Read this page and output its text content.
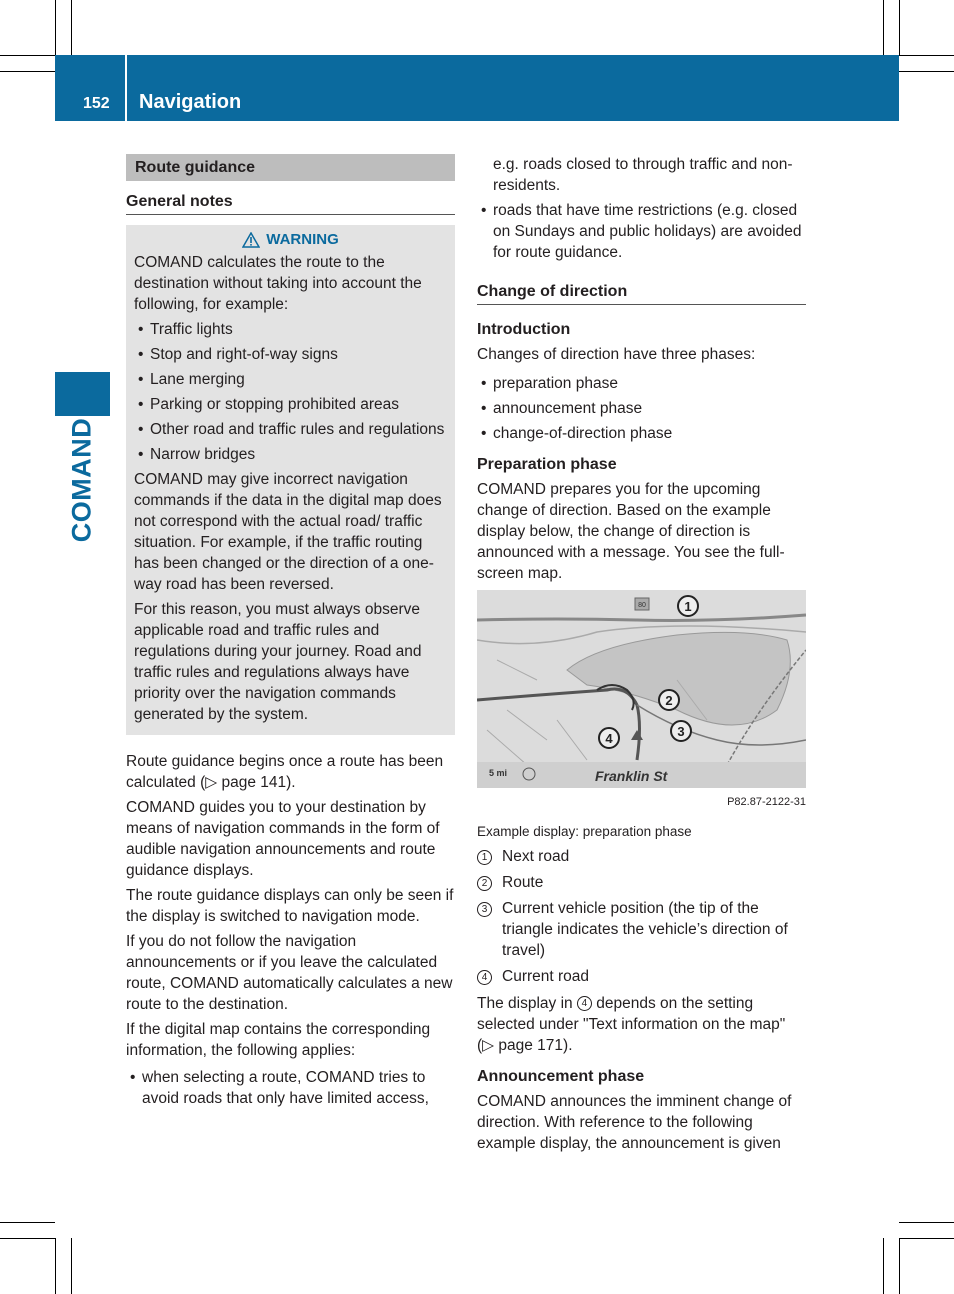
152 Navigation
COMAND
Route guidance
General notes
WARNING

COMAND calculates the route to the destination without taking into account the following, for example:

• Traffic lights
• Stop and right-of-way signs
• Lane merging
• Parking or stopping prohibited areas
• Other road and traffic rules and regulations
• Narrow bridges

COMAND may give incorrect navigation commands if the data in the digital map does not correspond with the actual road/ traffic situation. For example, if the traffic routing has been changed or the direction of a one-way road has been reversed.

For this reason, you must always observe applicable road and traffic rules and regulations during your journey. Road and traffic rules and regulations always have priority over the navigation commands generated by the system.

Route guidance begins once a route has been calculated (▷ page 141).

COMAND guides you to your destination by means of navigation commands in the form of audible navigation announcements and route guidance displays.

The route guidance displays can only be seen if the display is switched to navigation mode.

If you do not follow the navigation announcements or if you leave the calculated route, COMAND automatically calculates a new route to the destination.

If the digital map contains the corresponding information, the following applies:

• when selecting a route, COMAND tries to avoid roads that only have limited access,

e.g. roads closed to through traffic and non-residents.

• roads that have time restrictions (e.g. closed on Sundays and public holidays) are avoided for route guidance.
Change of direction
Introduction

Changes of direction have three phases:

• preparation phase
• announcement phase
• change-of-direction phase
Preparation phase

COMAND prepares you for the upcoming change of direction. Based on the example display below, the change of direction is announced with a message. You see the full-screen map.

80	1
2
3
4
5 mi	Franklin St
P82.87-2122-31
Example display: preparation phase
1 Next road
2 Route
3 Current vehicle position (the tip of the triangle indicates the vehicle’s direction of travel)
4 Current road

The display in 4 depends on the setting selected under "Text information on the map" (▷ page 171).

Announcement phase

COMAND announces the imminent change of direction. With reference to the following example display, the announcement is given
